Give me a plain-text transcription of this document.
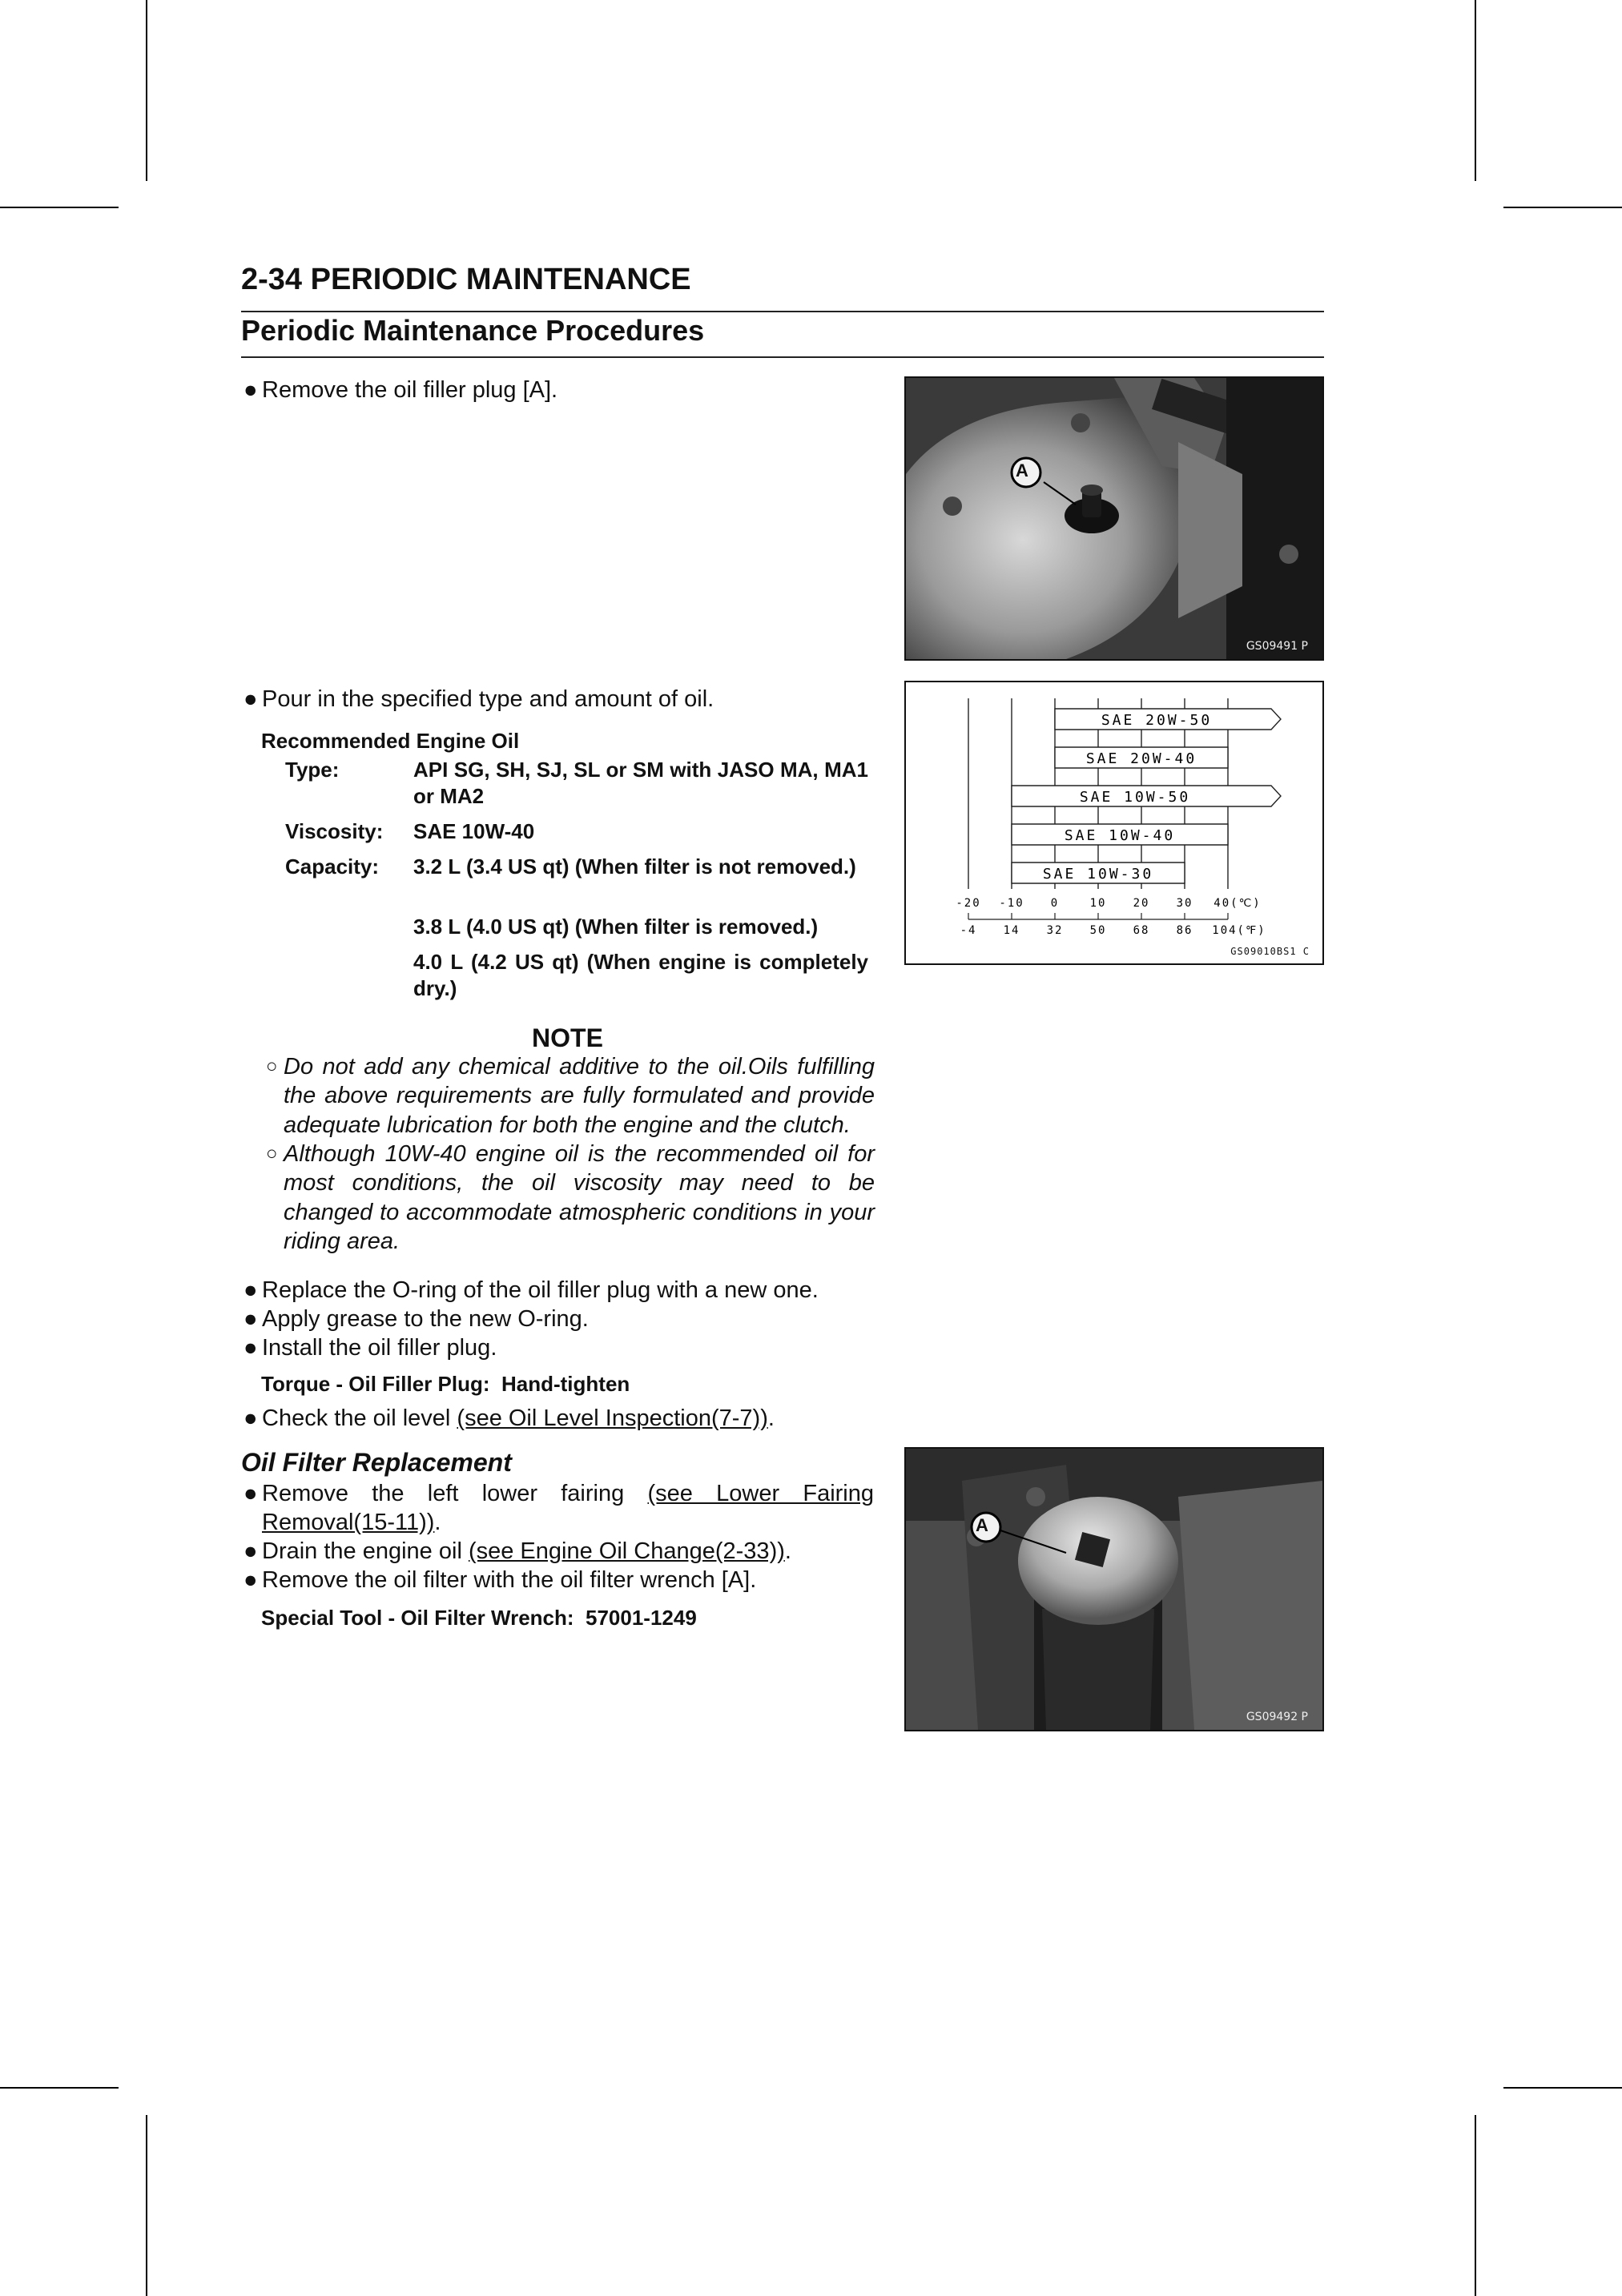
2-34 PERIODIC MAINTENANCE
Periodic Maintenance Procedures
● Remove the oil filler plug [A].
A
GS09491 P
● Pour in the specified type and amount of oil.
Recommended Engine Oil
Type:	API SG, SH, SJ, SL or SM with JASO MA, MA1 or MA2
Viscosity: SAE 10W-40
Capacity: 3.2 L (3.4 US qt) (When filter is not removed.)
3.8 L (4.0 US qt) (When filter is removed.)
4.0 L (4.2 US qt) (When engine is completely dry.)
SAE 20W-50
SAE 20W-40
SAE 10W-50
SAE 10W-40
SAE 10W-30
-20 -10 0	10 20 30 40(℃)
-4 14 32 50 68 86 104(℉)
GS09010BS1 C
NOTE
○ Do not add any chemical additive to the oil.Oils fulfilling the above requirements are fully formulated and provide adequate lubrication for both the engine and the clutch.
○ Although 10W-40 engine oil is the recommended oil for most conditions, the oil viscosity may need to be changed to accommodate atmospheric conditions in your riding area.
● Replace the O-ring of the oil filler plug with a new one.
● Apply grease to the new O-ring.
● Install the oil filler plug.
Torque - Oil Filler Plug: Hand-tighten
● Check the oil level (see Oil Level Inspection(7-7)).
Oil Filter Replacement
● Remove the left lower fairing (see Lower Fairing Removal(15-11)).
● Drain the engine oil (see Engine Oil Change(2-33)).
● Remove the oil filter with the oil filter wrench [A].
Special Tool - Oil Filter Wrench: 57001-1249
A
GS09492 P
